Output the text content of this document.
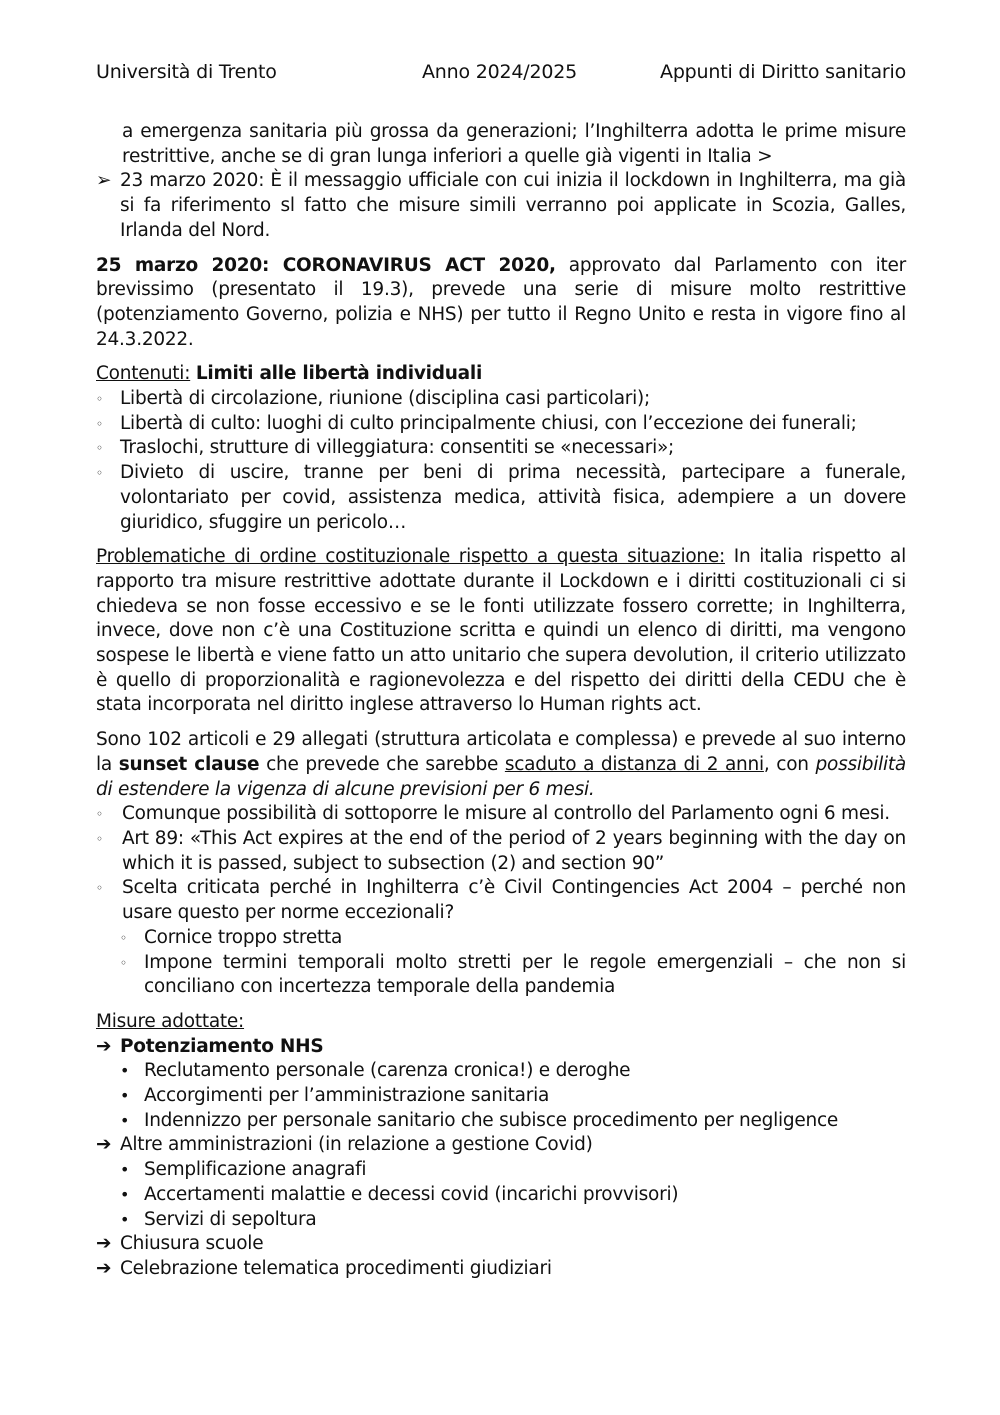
Università di Trento	Anno 2024/2025	Appunti di Diritto sanitario
a emergenza sanitaria più grossa da generazioni; l’Inghilterra adotta le prime misure restrittive, anche se di gran lunga inferiori a quelle già vigenti in Italia >
➢ 23 marzo 2020: È il messaggio ufficiale con cui inizia il lockdown in Inghilterra, ma già si fa riferimento sl fatto che misure simili verranno poi applicate in Scozia, Galles, Irlanda del Nord.

25 marzo 2020: CORONAVIRUS ACT 2020, approvato dal Parlamento con iter brevissimo (presentato il 19.3), prevede una serie di misure molto restrittive (potenziamento Governo, polizia e NHS) per tutto il Regno Unito e resta in vigore fino al 24.3.2022.

Contenuti: Limiti alle libertà individuali
◦ Libertà di circolazione, riunione (disciplina casi particolari);
◦ Libertà di culto: luoghi di culto principalmente chiusi, con l’eccezione dei funerali;
◦ Traslochi, strutture di villeggiatura: consentiti se «necessari»;
◦ Divieto di uscire, tranne per beni di prima necessità, partecipare a funerale, volontariato per covid, assistenza medica, attività fisica, adempiere a un dovere giuridico, sfuggire un pericolo…

Problematiche di ordine costituzionale rispetto a questa situazione: In italia rispetto al rapporto tra misure restrittive adottate durante il Lockdown e i diritti costituzionali ci si chiedeva se non fosse eccessivo e se le fonti utilizzate fossero corrette; in Inghilterra, invece, dove non c’è una Costituzione scritta e quindi un elenco di diritti, ma vengono sospese le libertà e viene fatto un atto unitario che supera devolution, il criterio utilizzato è quello di proporzionalità e ragionevolezza e del rispetto dei diritti della CEDU che è stata incorporata nel diritto inglese attraverso lo Human rights act.

Sono 102 articoli e 29 allegati (struttura articolata e complessa) e prevede al suo interno la sunset clause che prevede che sarebbe scaduto a distanza di 2 anni, con possibilità di estendere la vigenza di alcune previsioni per 6 mesi.

◦	Comunque possibilità di sottoporre le misure al controllo del Parlamento ogni 6 mesi.
◦	Art 89: «This Act expires at the end of the period of 2 years beginning with the day on which it is passed, subject to subsection (2) and section 90”
◦	Scelta criticata perché in Inghilterra c’è Civil Contingencies Act 2004 – perché non usare questo per norme eccezionali?
◦ Cornice troppo stretta
◦ Impone termini temporali molto stretti per le regole emergenziali – che non si conciliano con incertezza temporale della pandemia
Misure adottate:
➔ Potenziamento NHS
• Reclutamento personale (carenza cronica!) e deroghe
• Accorgimenti per l’amministrazione sanitaria
• Indennizzo per personale sanitario che subisce procedimento per negligence
➔ Altre amministrazioni (in relazione a gestione Covid)
• Semplificazione anagrafi
• Accertamenti malattie e decessi covid (incarichi provvisori)
• Servizi di sepoltura
➔ Chiusura scuole
➔ Celebrazione telematica procedimenti giudiziari
